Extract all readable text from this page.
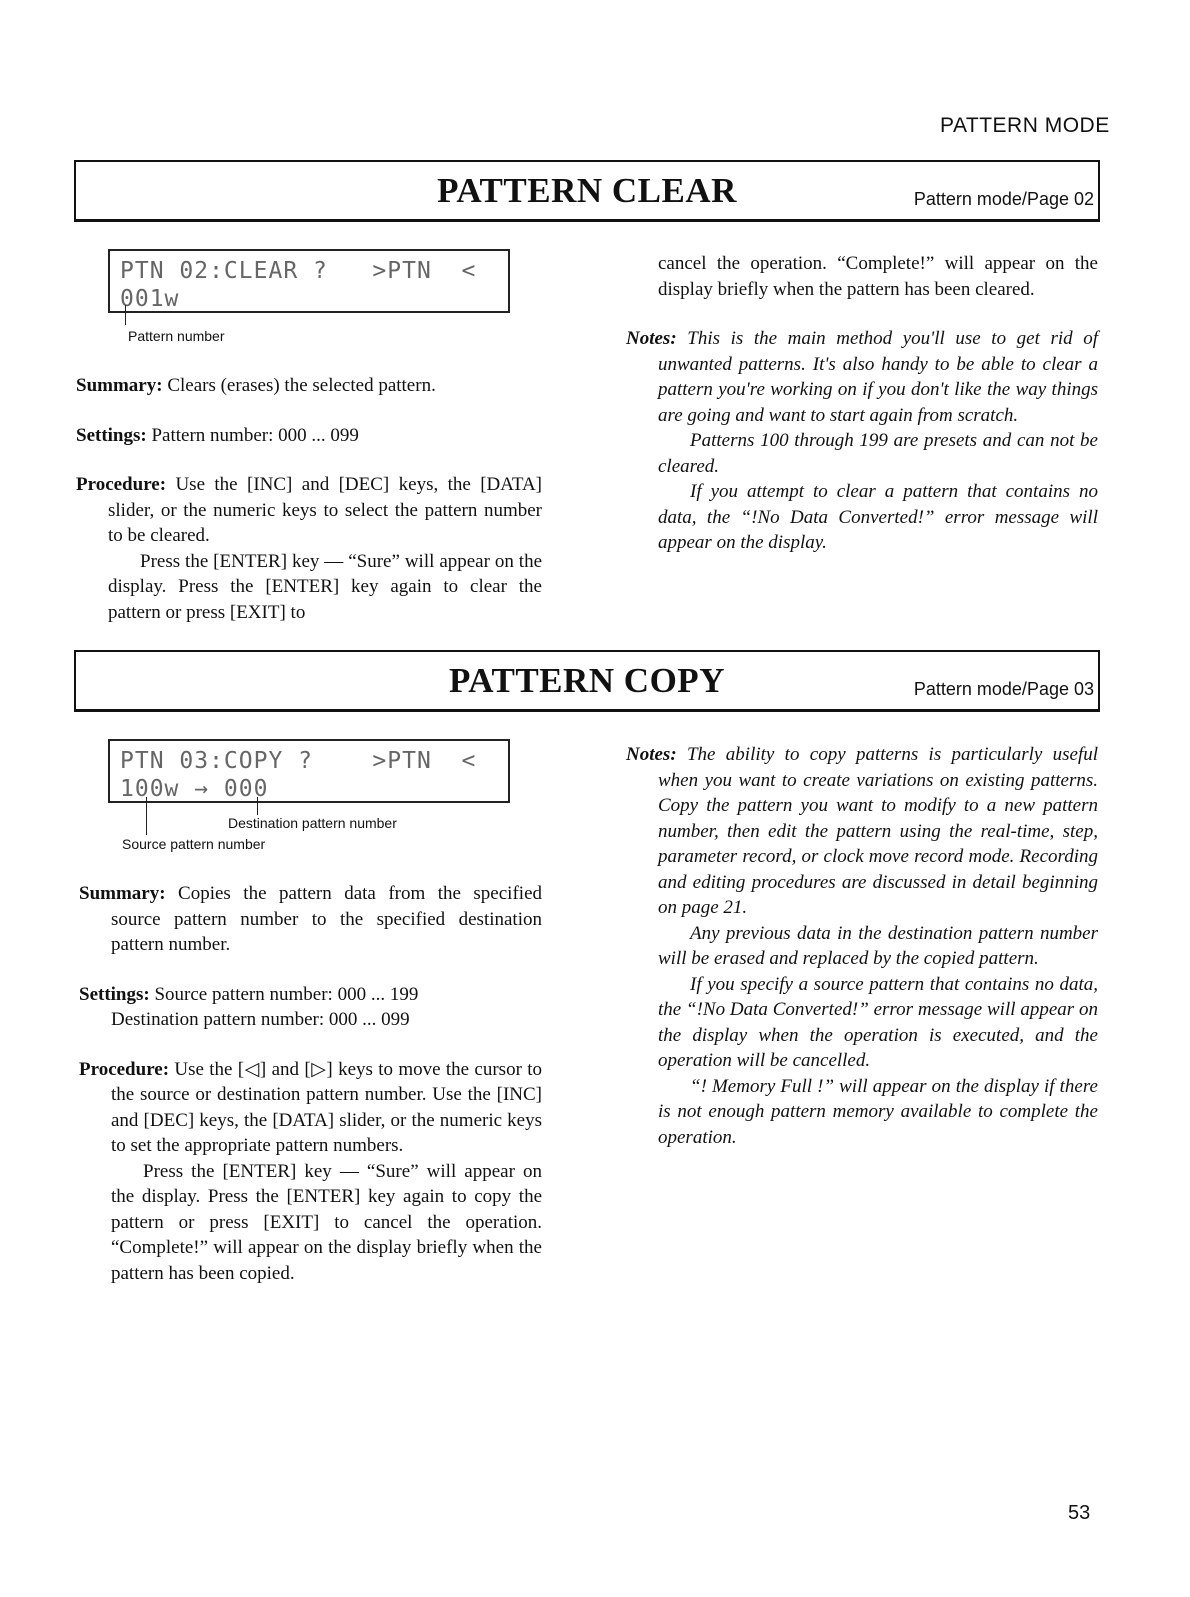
PATTERN MODE
PATTERN CLEAR	Pattern mode/Page 02
PTN 02:CLEAR ?   >PTN  <
001w
Pattern number

Summary: Clears (erases) the selected pattern.

Settings: Pattern number: 000 ... 099

Procedure: Use the [INC] and [DEC] keys, the [DATA] slider, or the numeric keys to select the pattern number to be cleared.

Press the [ENTER] key — “Sure” will appear on the display. Press the [ENTER] key again to clear the pattern or press [EXIT] to

cancel the operation. “Complete!” will appear on the display briefly when the pattern has been cleared.

Notes: This is the main method you'll use to get rid of unwanted patterns. It's also handy to be able to clear a pattern you're working on if you don't like the way things are going and want to start again from scratch.

Patterns 100 through 199 are presets and can not be cleared.

If you attempt to clear a pattern that contains no data, the “!No Data Converted!” error message will appear on the display.

PATTERN COPY	Pattern mode/Page 03
PTN 03:COPY ?    >PTN  <
100w → 000
Destination pattern number
Source pattern number

Summary: Copies the pattern data from the specified source pattern number to the specified destination pattern number.

Settings: Source pattern number: 000 ... 199

Destination pattern number: 000 ... 099

Procedure: Use the [◁] and [▷] keys to move the cursor to the source or destination pattern number. Use the [INC] and [DEC] keys, the [DATA] slider, or the numeric keys to set the appropriate pattern numbers.

Press the [ENTER] key — “Sure” will appear on the display. Press the [ENTER] key again to copy the pattern or press [EXIT] to cancel the operation. “Complete!” will appear on the display briefly when the pattern has been copied.

Notes: The ability to copy patterns is particularly useful when you want to create variations on existing patterns. Copy the pattern you want to modify to a new pattern number, then edit the pattern using the real-time, step, parameter record, or clock move record mode. Recording and editing procedures are discussed in detail beginning on page 21.

Any previous data in the destination pattern number will be erased and replaced by the copied pattern.

If you specify a source pattern that contains no data, the “!No Data Converted!” error message will appear on the display when the operation is executed, and the operation will be cancelled.

“! Memory Full !” will appear on the display if there is not enough pattern memory available to complete the operation.

53
